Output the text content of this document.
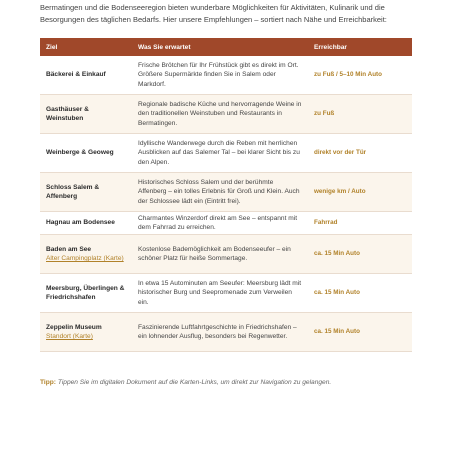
Bermatingen und die Bodenseeregion bieten wunderbare Möglichkeiten für Aktivitäten, Kulinarik und die Besorgungen des täglichen Bedarfs. Hier unsere Empfehlungen – sortiert nach Nähe und Erreichbarkeit:

Ziel	Was Sie erwartet	Erreichbar
Bäckerei & Einkauf	Frische Brötchen für Ihr Frühstück gibt es direkt im Ort. Größere Supermärkte finden Sie in Salem oder Markdorf.	zu Fuß / 5–10 Min Auto
Gasthäuser & Weinstuben	Regionale badische Küche und hervorragende Weine in den traditionellen Weinstuben und Restaurants in Bermatingen.	zu Fuß
Weinberge & Geoweg	Idyllische Wanderwege durch die Reben mit herrlichen Ausblicken auf das Salemer Tal – bei klarer Sicht bis zu den Alpen.	direkt vor der Tür
Schloss Salem & Affenberg	Historisches Schloss Salem und der berühmte Affenberg – ein tolles Erlebnis für Groß und Klein. Auch der Schlossee lädt ein (Eintritt frei).	wenige km / Auto
Hagnau am Bodensee	Charmantes Winzerdorf direkt am See – entspannt mit dem Fahrrad zu erreichen.	Fahrrad
Baden am See
Alter Campingplatz (Karte)	Kostenlose Bademöglichkeit am Bodenseeufer – ein schöner Platz für heiße Sommertage.	ca. 15 Min Auto
Meersburg, Überlingen & Friedrichshafen	In etwa 15 Autominuten am Seeufer: Meersburg lädt mit historischer Burg und Seepromenade zum Verweilen ein.	ca. 15 Min Auto
Zeppelin Museum
Standort (Karte)	Faszinierende Luftfahrtgeschichte in Friedrichshafen – ein lohnender Ausflug, besonders bei Regenwetter.	ca. 15 Min Auto
Tipp: Tippen Sie im digitalen Dokument auf die Karten-Links, um direkt zur Navigation zu gelangen.
